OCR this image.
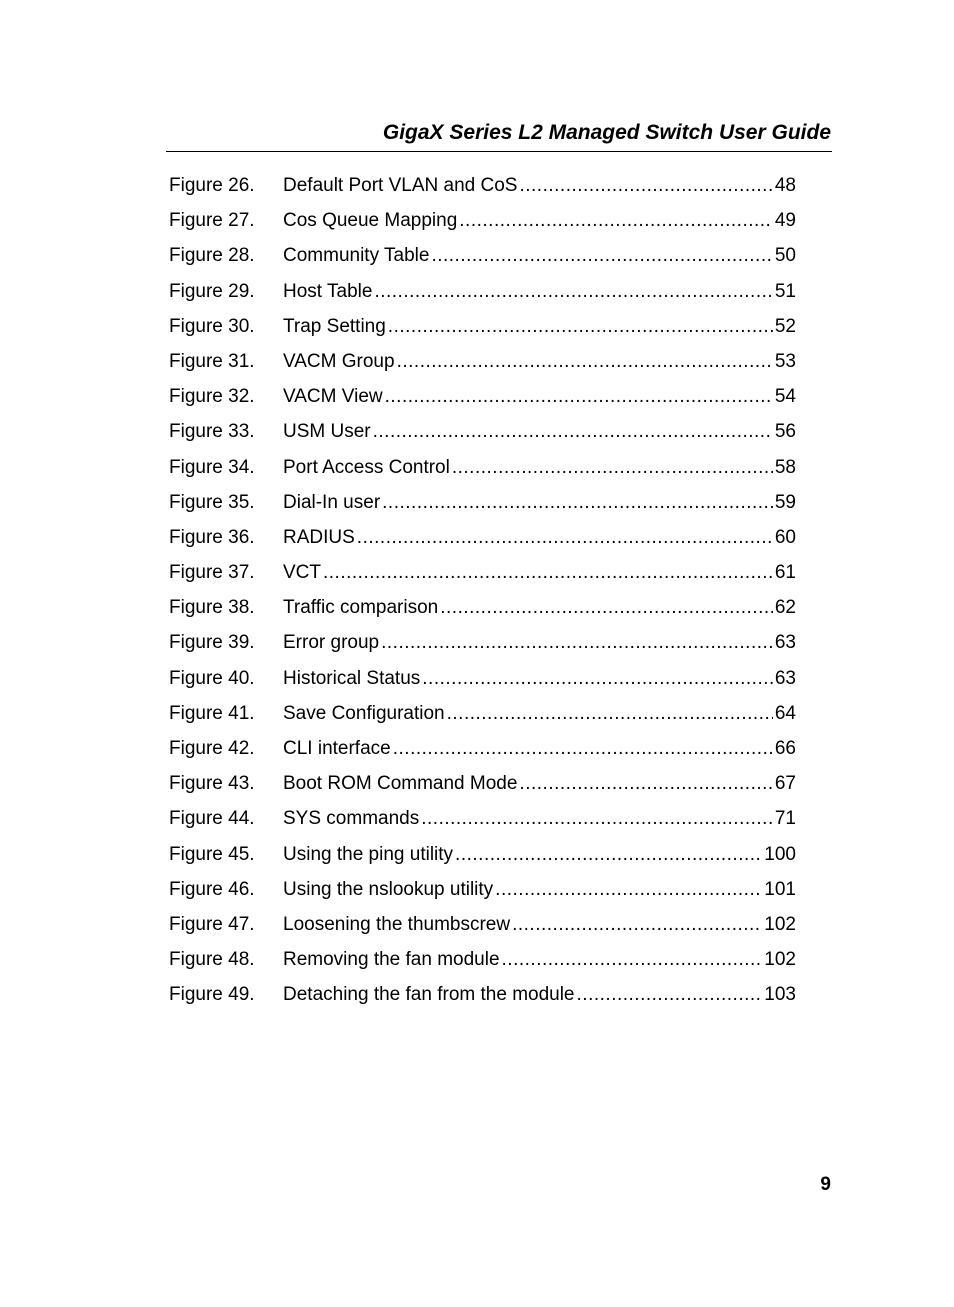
GigaX Series L2 Managed Switch User Guide
Figure 26.	Default Port VLAN and CoS .....	48
Figure 27.	Cos Queue Mapping .....	49
Figure 28.	Community Table .....	50
Figure 29.	Host Table .....	51
Figure 30.	Trap Setting .....	52
Figure 31.	VACM Group .....	53
Figure 32.	VACM View .....	54
Figure 33.	USM User .....	56
Figure 34.	Port Access Control .....	58
Figure 35.	Dial-In user .....	59
Figure 36.	RADIUS .....	60
Figure 37.	VCT .....	61
Figure 38.	Traffic comparison .....	62
Figure 39.	Error group .....	63
Figure 40.	Historical Status .....	63
Figure 41.	Save Configuration .....	64
Figure 42.	CLI interface .....	66
Figure 43.	Boot ROM Command Mode .....	67
Figure 44.	SYS commands .....	71
Figure 45.	Using the ping utility .....	100
Figure 46.	Using the nslookup utility .....	101
Figure 47.	Loosening the thumbscrew .....	102
Figure 48.	Removing the fan module .....	102
Figure 49.	Detaching the fan from the module .....	103
9
